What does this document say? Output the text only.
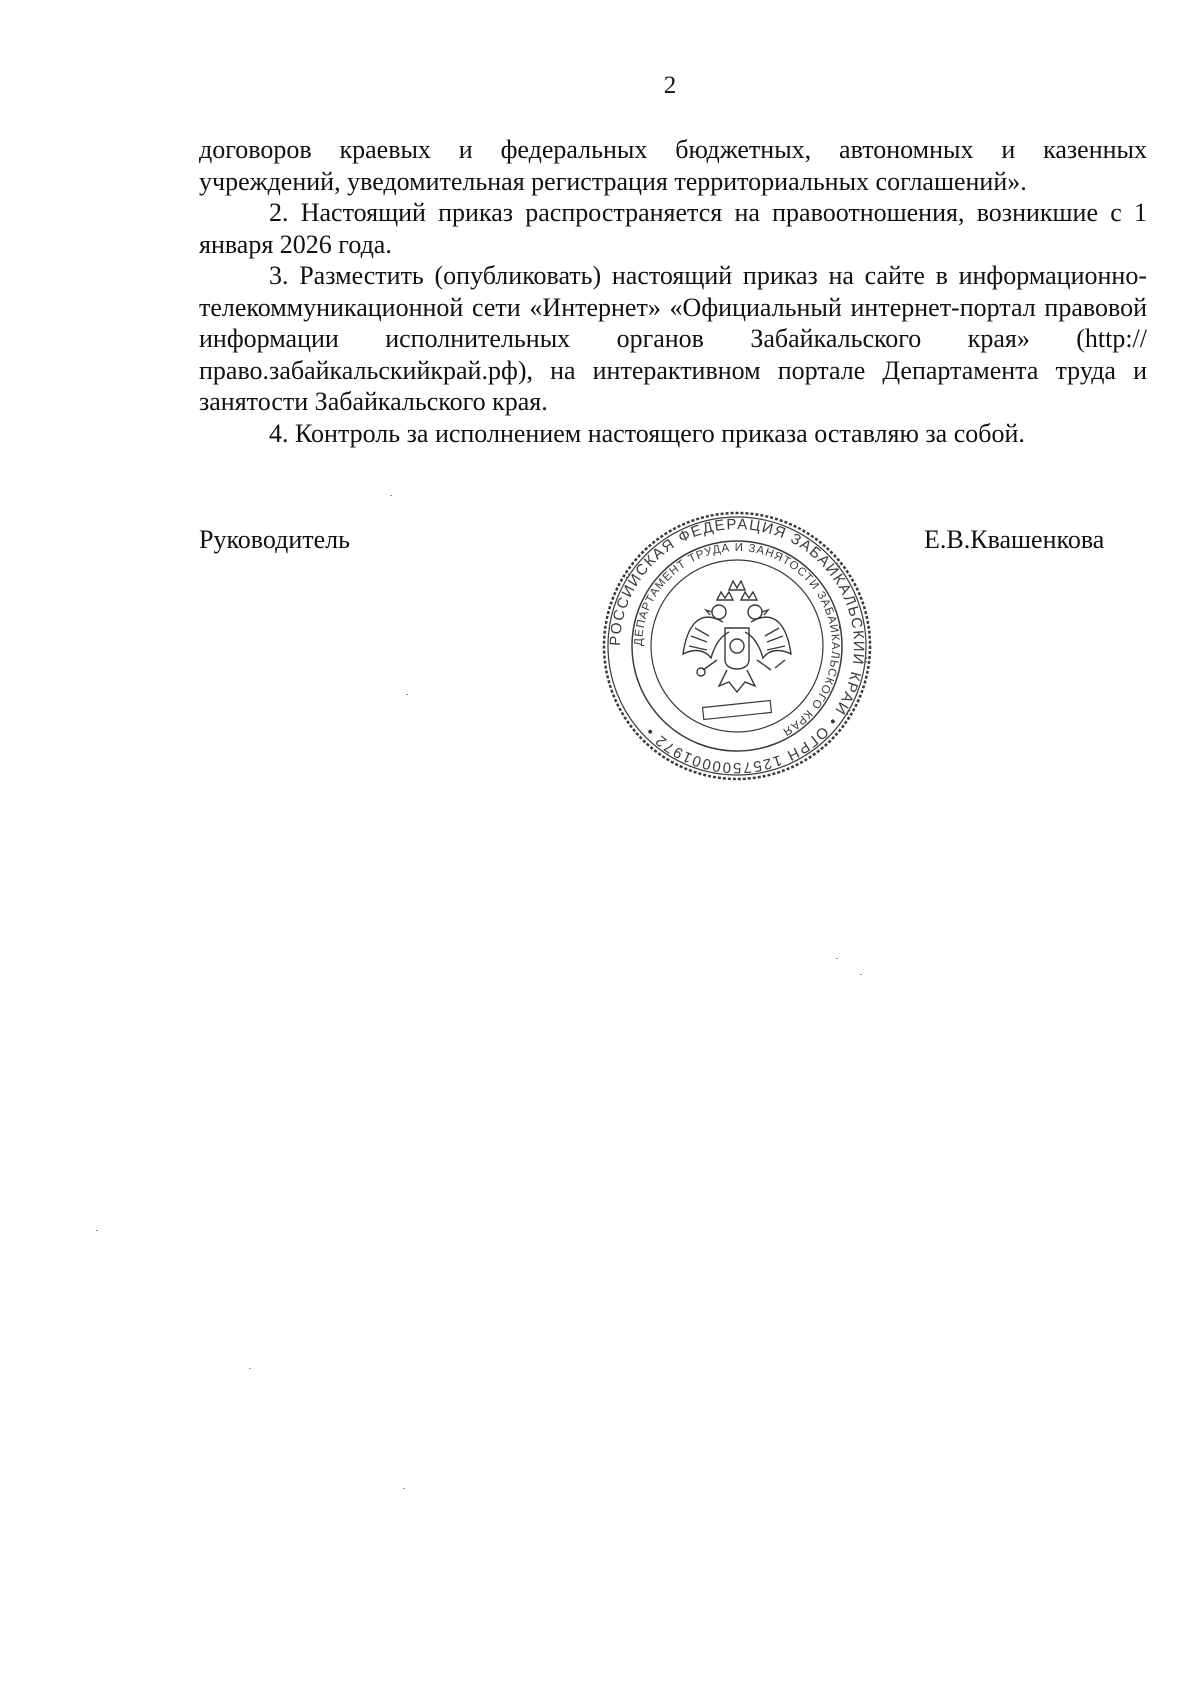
2

договоров краевых и федеральных бюджетных, автономных и казенных

учреждений, уведомительная регистрация территориальных соглашений».

2. Настоящий приказ распространяется на правоотношения, возникшие с 1 января 2026 года.

3. Разместить (опубликовать) настоящий приказ на сайте в информационно-телекоммуникационной сети «Интернет» «Официальный интернет-портал правовой информации исполнительных органов Забайкальского края» (http://право.забайкальскийкрай.рф), на интерактивном портале Департамента труда и занятости Забайкальского края.

4. Контроль за исполнением настоящего приказа оставляю за собой.

Руководитель	Е.В.Квашенкова
РОССИЙСКАЯ ФЕДЕРАЦИЯ ЗАБАЙКАЛЬСКИЙ КРАЙ • ОГРН 1257500001972 •
ДЕПАРТАМЕНТ ТРУДА И ЗАНЯТОСТИ ЗАБАЙКАЛЬСКОГО КРАЯ
